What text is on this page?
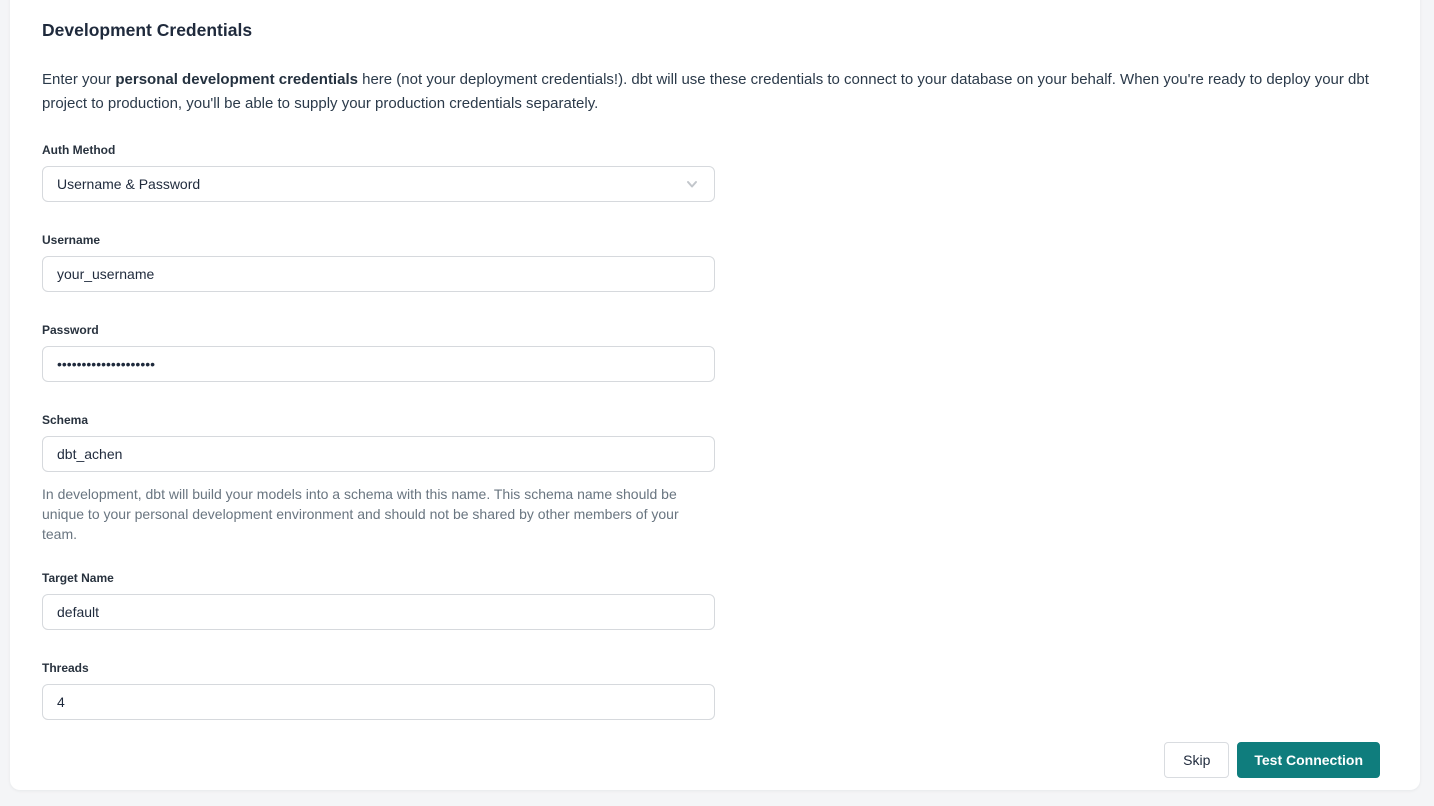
Development Credentials

Enter your personal development credentials here (not your deployment credentials!). dbt will use these credentials to connect to your database on your behalf. When you're ready to deploy your dbt project to production, you'll be able to supply your production credentials separately.

Auth Method
Username & Password
Username
your_username
Password
••••••••••••••••••••
Schema
dbt_achen

In development, dbt will build your models into a schema with this name. This schema name should be unique to your personal development environment and should not be shared by other members of your team.

Target Name
default
Threads
4
Skip	Test Connection
